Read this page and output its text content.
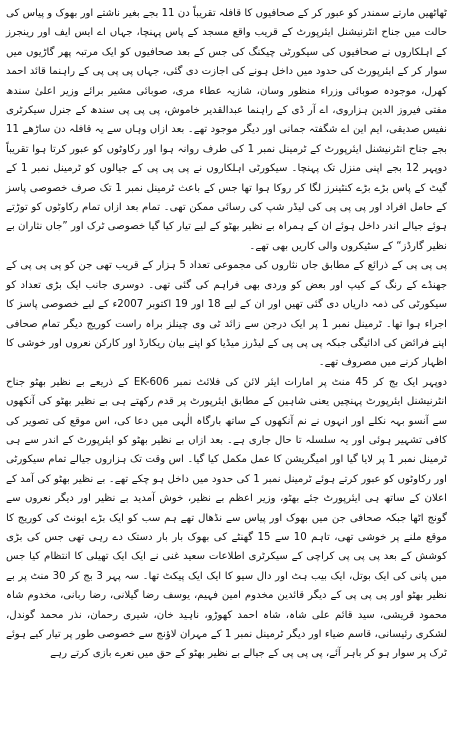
ٹھاٹھیں مارتے سمندر کو عبور کر کے صحافیوں کا قافلہ تقریباً دن 11 بجے بغیر ناشتے اور بھوک و پیاس کی حالت میں جناح انٹرنیشنل ایئرپورٹ کے قریب واقع مسجد کے پاس پہنچا، جہاں اے ایس ایف اور رینجرز کے اہلکاروں نے صحافیوں کی سیکورٹی چیکنگ کی جس کے بعد صحافیوں کو ایک مرتبہ پھر گاڑیوں میں سوار کر کے ایئرپورٹ کی حدود میں داخل ہونے کی اجازت دی گئی، جہاں پی پی پی کے راہنما قائد احمد کھرل، موجودہ صوبائی وزراء منظور وسان، شازیہ عطاء مری، صوبائی مشیر برائے وزیر اعلیٰ سندھ مفتی فیروز الدین ہزاروی، اے آر ڈی کے راہنما عبدالقدیر خاموش، پی پی پی سندھ کے جنرل سیکرٹری نفیس صدیقی، ایم این اے شگفتہ جمانی اور دیگر موجود تھے۔ بعد ازاں وہاں سے یہ قافلہ دن ساڑھے 11 بجے جناح انٹرنیشنل ایئرپورٹ کے ٹرمینل نمبر 1 کی طرف روانہ ہوا اور رکاوٹوں کو عبور کرتا ہوا تقریباً دوپہر 12 بجے اپنی منزل تک پہنچا۔ سیکورٹی اہلکاروں نے پی پی پی کے جیالوں کو ٹرمینل نمبر 1 کے گیٹ کے پاس بڑے بڑے کنٹینرز لگا کر روکا ہوا تھا جس کے باعث ٹرمینل نمبر 1 تک صرف خصوصی پاسز کے حامل افراد اور پی پی پی کی لیڈر شپ کی رسائی ممکن تھی۔ تمام بعد ازاں تمام رکاوٹوں کو توڑتے ہوئے جیالے اندر داخل ہوئے ان کے ہمراہ بے نظیر بھٹو کے لیے تیار کیا گیا خصوصی ٹرک اور ”جاں نثاران بے نظیر گارڈز“ کے سٹیکروں والی کاریں بھی تھے۔

پی پی پی کے ذرائع کے مطابق جاں نثاروں کی مجموعی تعداد 5 ہزار کے قریب تھی جن کو پی پی پی کے جھنڈے کے رنگ کے کیپ اور بعض کو وردی بھی فراہم کی گئی تھی۔ دوسری جانب ایک بڑی تعداد کو سیکورٹی کی ذمہ داریاں دی گئی تھیں اور ان کے لیے 18 اور 19 اکتوبر 2007ء کے لیے خصوصی پاسز کا اجراء ہوا تھا۔ ٹرمینل نمبر 1 پر ایک درجن سے زائد ٹی وی چینلز براہ راست کوریج دیگر تمام صحافی اپنے فرائض کی ادائیگی جبکہ پی پی پی کے لیڈرز میڈیا کو اپنے بیان ریکارڈ اور کارکن نعروں اور خوشی کا اظہار کرنے میں مصروف تھے۔

دوپہر ایک بج کر 45 منٹ پر امارات ایئر لائن کی فلائٹ نمبر EK-606 کے ذریعے بے نظیر بھٹو جناح انٹرنیشنل ایئرپورٹ پہنچیں یعنی شاہین کے مطابق ایئرپورٹ پر قدم رکھتے ہی بے نظیر بھٹو کی آنکھوں سے آنسو بہہ نکلے اور انہوں نے نم آنکھوں کے ساتھ بارگاہ الٰہی میں دعا کی، اس موقع کی تصویر کی کافی تشہیر ہوئی اور یہ سلسلہ تا حال جاری ہے۔ بعد ازاں بے نظیر بھٹو کو ایئرپورٹ کے اندر سے ہی ٹرمینل نمبر 1 پر لایا گیا اور امیگریشن کا عمل مکمل کیا گیا۔ اس وقت تک ہزاروں جیالے تمام سیکورٹی اور رکاوٹوں کو عبور کرتے ہوئے ٹرمینل نمبر 1 کی حدود میں داخل ہو چکے تھے۔ بے نظیر بھٹو کی آمد کے اعلان کے ساتھ ہی ایئرپورٹ جئے بھٹو، وزیر اعظم بے نظیر، خوش آمدید بے نظیر اور دیگر نعروں سے گونج اٹھا جبکہ صحافی جن میں بھوک اور پیاس سے نڈھال تھے ہم سب کو ایک بڑے ایونٹ کی کوریج کا موقع ملنے پر خوشی تھی، تاہم 10 سے 15 گھنٹے کی بھوک بار بار دستک دے رہی تھی جس کی بڑی کوشش کے بعد پی پی پی کراچی کے سیکرٹری اطلاعات سعید غنی نے ایک ایک تھیلی کا انتظام کیا جس میں پانی کی ایک بوتل، ایک بیب ہٹ اور دال سیو کا ایک ایک پیکٹ تھا۔ سہ پہر 3 بج کر 30 منٹ پر بے نظیر بھٹو اور پی پی پی کے دیگر قائدین مخدوم امین فہیم، یوسف رضا گیلانی، رضا ربانی، مخدوم شاہ محمود قریشی، سید قائم علی شاہ، شاہ احمد کھوڑو، ناہید خان، شیری رحمان، نذر محمد گوندل، لشکری رئیسانی، قاسم ضیاء اور دیگر ٹرمینل نمبر 1 کے مہران لاؤنج سے خصوصی طور پر تیار کیے ہوئے ٹرک پر سوار ہو کر باہر آئے، پی پی پی کے جیالے بے نظیر بھٹو کے حق میں نعرے بازی کرتے رہے
